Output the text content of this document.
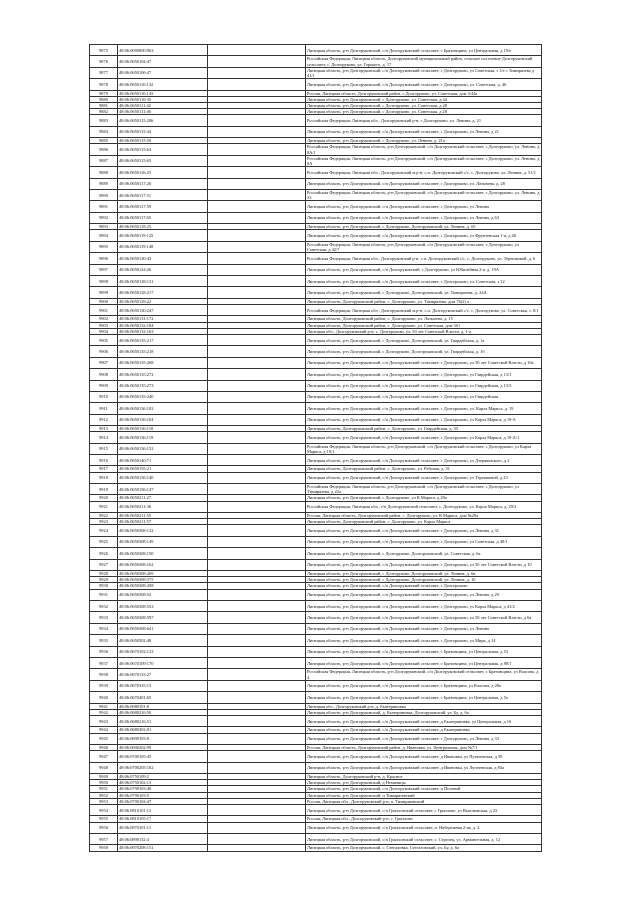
9875	48:06:0000000:963		Липецкая область, р-н Долгоруковский, с/п Долгоруковский сельсовет, с Братовщина, ул Центральная, д 19/е
9876	48:06:0650104:47		Российская Федерация, Липецкая область, Долгоруковский муниципальный район, сельское поселение Долгоруковский сельсовет, с. Долгоруково, ул. Горького, д. 17
9877	48:06:0650106:47		Липецкая область, р-н Долгоруковский, с/п Долгоруковский сельсовет, с Долгоруково, ул Советская, з 1/е с Тимирязева д 41/1
9878	48:06:0650110:132		Липецкая область, р-н Долгоруковский, с/п Долгоруковский сельсовет, с Долгоруково, ул. Советская, д. 46
9879	48:06:0650110:143		Россия, Липецкая область, Долгоруковский район, с.Долгоруково, ул. Советская, дом 3/44а
9880	48:06:0650110:35		Липецкая область, р-н Долгоруковский, с Долгоруково, ул. Советская, д 44
9881	48:06:0650111:42		Липецкая область, р-н Долгоруковский, с Долгоруково, ул. Советская, д 28
9882	48:06:0650111:46		Липецкая область, р-н Долгоруковский, с Долгоруково, ул. Советская, д 28
9883	48:06:0650115:206		Российская Федерация, Липецкая обл., Долгоруковский р-н, с Долгоруково, ул. Ленина, д. 21
9884	48:06:0650115:44		Липецкая область, р-н Долгоруковский, с/п Долгоруковский сельсовет, с Долгоруково, ул Ленина, д 21
9885	48:06:0650115:50		Липецкая область, р-н Долгоруковский, с Долгоруково, ул. Ленина, д. 21а
9886	48:06:0650115:64		Российская Федерация, Липецкая область, р-н Долгоруковский, с/п Долгоруковский сельсовет, с Долгоруково, ул. Ленина, д 8А/1
9887	48:06:0650115:65		Российская Федерация, Липецкая область, р-н Долгоруковский, с/п Долгоруковский сельсовет, с Долгоруково, ул. Ленина, д 8А
9888	48:06:0650116:25		Российская Федерация, Липецкая обл., Долгоруковский м.р-н, с.п. Долгоруковский с/с, с. Долгоруково, ул. Ленина, д. 51/1
9889	48:06:0650117:26		Липецкая область, р-н Долгоруковский, с/п Долгоруковский сельсовет, с Долгоруково, ул. Лазычева, д. 28
9890	48:06:0650117:51		Российская Федерация, Липецкая область, р-н Долгоруковский, с/п Долгоруковский сельсовет, с Долгоруково, ул. Ленина, д 33
9891	48:06:0650117:59		Липецкая область, р-н Долгоруковский, с/п Долгоруковский сельсовет, с Долгоруково, ул Ленина
9892	48:06:0650117:65		Липецкая область, р-н Долгоруковский, с/п Долгоруковский сельсовет, с Долгоруково, ул Ленина, д 63
9893	48:06:0650118:25		Липецкая область, р-н Долгоруковский, с Долгоруково, Долгоруковский, ул. Ленина, д. 65
9894	48:06:0650119:125		Липецкая область, р-н Долгоруковский, с/п Долгоруковский сельсовет, с Долгоруково, ул Фрунзенская 1-я, д 46
9895	48:06:0650119:148		Российская Федерация, Липецкая область, р-н Долгоруковский, с/п Долгоруковский сельсовет, с Долгоруково, ул Советская, д 42/7
9896	48:06:0650120:43		Российская Федерация, Липецкая обл., Долгоруковский р-н, с.п. Долгоруковский с/с, с. Долгоруково, ул. Терешковой, д. 6
9897	48:06:0650124:26		Липецкая область, р-н Долгоруковский, с/п Долгоруковский, с Долгоруково, ул Юбилейная 2-я, д. 19А
9898	48:06:0650128:131		Липецкая область, р-н Долгоруковский, с/п Долгоруковский сельсовет, с Долгоруково, ул. Советская, з 12
9899	48:06:0650128:217		Липецкая область, р-н Долгоруковский, с Долгоруково, Долгоруковский, ул. Тимирязева, д. 24А
9900	48:06:0650129:22		Липецкая область, Долгоруковский район, с. Долгоруково, ул. Тимирязева, дом 76(2) а
9901	48:06:0650130:247		Российская Федерация, Липецкая обл., Долгоруковский м.р-н, с.п. Долгоруковский с/с, с. Долгоруково, ул. Советская, з. 8/1
9902	48:06:0650131:172		Липецкая область, Долгоруковский район, с. Долгоруково, ул. Лазычева, д. 15
9903	48:06:0650132:184		Липецкая область, Долгоруковский район, с. Долгоруково, ул. Советская, дом 3б1
9904	48:06:0650132:163		Липецкая обл., Долгоруковский р-н, с. Долгоруково, ул. 50 лет Советской Власти, д. 1-а
9905	48:06:0650135:217		Липецкая область, р-н Долгоруковский, с Долгоруково, Долгоруковский, ул. Гвардейская, д. 1а
9906	48:06:0650135:218		Липецкая область, р-н Долгоруковский, с Долгоруково, Долгоруковский, ул. Гвардейская, д. 1б
9907	48:06:0650135:268		Липецкая область, р-н Долгоруковский, с/п Долгоруковский сельсовет, с Долгоруково, ул 50 лет Советской Власти, д 10а
9908	48:06:0650135:272		Липецкая область, р-н Долгоруковский, с/п Долгоруковский сельсовет, с Долгоруково, ул Гвардейская, д 13/1
9909	48:06:0650135:273		Липецкая область, р-н Долгоруковский, с/п Долгоруковский сельсовет, с Долгоруково, ул Гвардейская, д 13/3
9910	48:06:0650135:240		Липецкая область, р-н Долгоруковский, с/п Долгоруковский сельсовет, с Долгоруково, ул Гвардейская
9911	48:06:0650136:102		Липецкая область, р-н Долгоруковский, с/п Долгоруковский сельсовет, с Долгоруково, ул. Карла Маркса, д. 19
9912	48:06:0650136:104		Липецкая область, р-н Долгоруковский, с/п Долгоруковский сельсовет, с Долгоруково, ул Карла Маркса, д 19-А
9913	48:06:0650136:118		Липецкая область, Долгоруковский район, с. Долгоруково, ул. Гвардейская, д. 35
9914	48:06:0650136:119		Липецкая область, р-н Долгоруковский, с/п Долгоруковский сельсовет, с Долгоруково, ул Карла Маркса, д 19-А/1
9915	48:06:0650136:152		Российская Федерация, Липецкая область, р-н Долгоруковский, с/п Долгоруковский сельсовет, с Долгоруково, ул Карла Маркса, д 19/1
9916	48:06:0650140:71		Липецкая область, р-н Долгоруковский, с/п Долгоруковский сельсовет, с Долгоруково, ул Дзержинского, д 2
9917	48:06:0650155:21		Липецкая область, Долгоруковский район, с. Долгоруково, ул. Рабочая, д. 31
9918	48:06:0650156:140		Липецкая область, р-н Долгоруковский, с/п Долгоруковский сельсовет, с Долгоруково, ул Терешковой, д 23
9919	48:06:0650156:147		Российская Федерация, Липецкая область, р-н Долгоруковский, с/п Долгоруковский сельсовет, с Долгоруково, ул Тимирязева, д 22а
9920	48:06:0650211:27		Липецкая область, р-н Долгоруковский, с Долгоруково, ул К.Маркса, д 29а
9921	48:06:0650211:36		Российская Федерация, Липецкая обл., с/п Долгоруковский сельсовет, с. Долгоруково, ул. Карла Маркса, д. 29/2
9922	48:06:0650211:55		Россия, Липецкая область, Долгоруковский район, с. Долгоруково, ул. К.Маркса, дом №29а
9923	48:06:0650211:57		Липецкая область, Долгоруковский район, с. Долгоруково, ул. Карла Маркса
9924	48:06:0650308:122		Липецкая область, р-н Долгоруковский, с/п Долгоруковский сельсовет, с Долгоруково, ул Ленина, д 31
9925	48:06:0650308:149		Липецкая область, р-н Долгоруковский, с/п Долгоруковский сельсовет, с Долгоруково, ул Советская, д 48/1
9926	48:06:0650308:150		Липецкая область, р-н Долгоруковский, с Долгоруково, Долгоруковский, ул. Советская, д. 6а
9927	48:06:0650308:162		Липецкая область, р-н Долгоруковский, с/п Долгоруковский сельсовет, с Долгоруково, ул 50 лет Советской Власти, д 10
9928	48:06:0650308:269		Липецкая область, р-н Долгоруковский, с Долгоруково, Долгоруковский, ул. Ленина, д. 6в
9929	48:06:0650308:375		Липецкая область, р-н Долгоруковский, с Долгоруково, Долгоруковский, ул. Ленина, д. 10
9930	48:06:0650308:458		Липецкая область, р-н Долгоруковский, с/п Долгоруковский сельсовет, с Долгоруково
9931	48:06:0650308:52		Липецкая область, р-н Долгоруковский, с/п Долгоруковский сельсовет, с Долгоруково, ул Ленина, д 29
9932	48:06:0650308:553		Липецкая область, р-н Долгоруковский, с/п Долгоруковский сельсовет, с Долгоруково, ул Карла Маркса, д 41/2
9933	48:06:0650308:597		Липецкая область, р-н Долгоруковский, с/п Долгоруковский сельсовет, с Долгоруково, ул 50 лет Советской Власти, д 6а
9934	48:06:0650308:641		Липецкая область, р-н Долгоруковский, с/п Долгоруковский сельсовет, с Долгоруково, ул Ленина
9935	48:06:0650502:48		Липецкая область, р-н Долгоруковский, с/п Долгоруковский сельсовет, с Долгоруково, ул Мира, д 14
9936	48:06:0670102:123		Липецкая область, р-н Долгоруковский, с/п Долгоруковский сельсовет, с Братовщина, ул Центральная, д 53
9937	48:06:0670109:170		Липецкая область, р-н Долгоруковский, с/п Долгоруковский сельсовет, с Братовщина, ул Центральная, д 88/1
9938	48:06:0670133:27		Российская Федерация, Липецкая область, р-н Долгоруковский, с/п Долгоруковский сельсовет, с Братовщина, ул Власова, д 4
9939	48:06:0670335:15		Липецкая область, р-н Долгоруковский, с/п Долгоруковский сельсовет, с Братовщина, ул Власова, д 28а
9940	48:06:0670401:65		Липецкая область, р-н Долгоруковский, с/п Долгоруковский сельсовет, с Братовщина, ул Центральная, д 5а
9941	48:06:0680101:8		Липецкая обл., Долгоруковский р-н, д. Екатериновка
9942	48:06:0680216:50		Липецкая область, р-н Долгоруковский, д. Екатериновка, Долгоруковский, ул. Бу, д. 6а
9943	48:06:0680216:51		Липецкая область, р-н Долгоруковский, с/п Долгоруковский сельсовет, д Екатериновка, ул Центральная, д 16
9944	48:06:0680302:81		Липецкая область, р-н Долгоруковский, с/п Долгоруковский сельсовет, д Екатериновка
9945	48:06:0690103:8		Липецкая область, р-н Долгоруковский, с/п Долгоруковский сельсовет, с Долгоруково, ул Ленина, д 33
9946	48:06:0690202:99		Россия, Липецкая область, Долгоруковский район, д. Ивановка, ул. Центральная, дом №7/1
9947	48:06:0700105:45		Липецкая область, р-н Долгоруковский, с/п Долгоруковский сельсовет, д Ивановка, ул Пугачевская, д 39
9948	48:06:0700205:102		Липецкая область, р-н Долгоруковский, с/п Долгоруковский сельсовет, д Ивановка, ул Лугачевская, д 84а
9949	48:06:0750109:2		Липецкая область, Долгоруковский р-н, д. Красное
9950	48:06:0750102:13		Липецкая область, р-н Долгоруковский, д Неманицы
9951	48:06:0790103:40		Липецкая область, р-н Долгоруковский, с/п Долгоруковский сельсовет, п Полевой
9952	48:06:0790103:5		Липецкая область, р-н Долгоруковский, п Тимирязевский
9953	48:06:0790104:47		Россия, Липецкая обл., Долгоруковский р-н, п. Тимирязевский
9954	48:06:0810101:12		Липецкая область, р-н Долгоруковский, с/п Грызловский сельсовет, с Грызлово, ул Выгоновская, д 23
9955	48:06:0810105:17		Россия, Липецкая обл., Долгоруковский р-н, с. Грызлово
9956	48:06:0870101:11		Липецкая область, р-н Долгоруковский, с/п Грызловский сельсовет, п. Набережная 2-ая, д. 2
9957	48:06:0890132:4		Липецкая область, р-н Долгоруковский, с/п Грызловский сельсовет, с. Стрелец, ул. Армавтельная, д. 12
9958	48:06:0970208:151		Липецкая область, р-н Долгоруковский, с. Стегаловка, Стегаловский, ул. Бу, д. 6а
